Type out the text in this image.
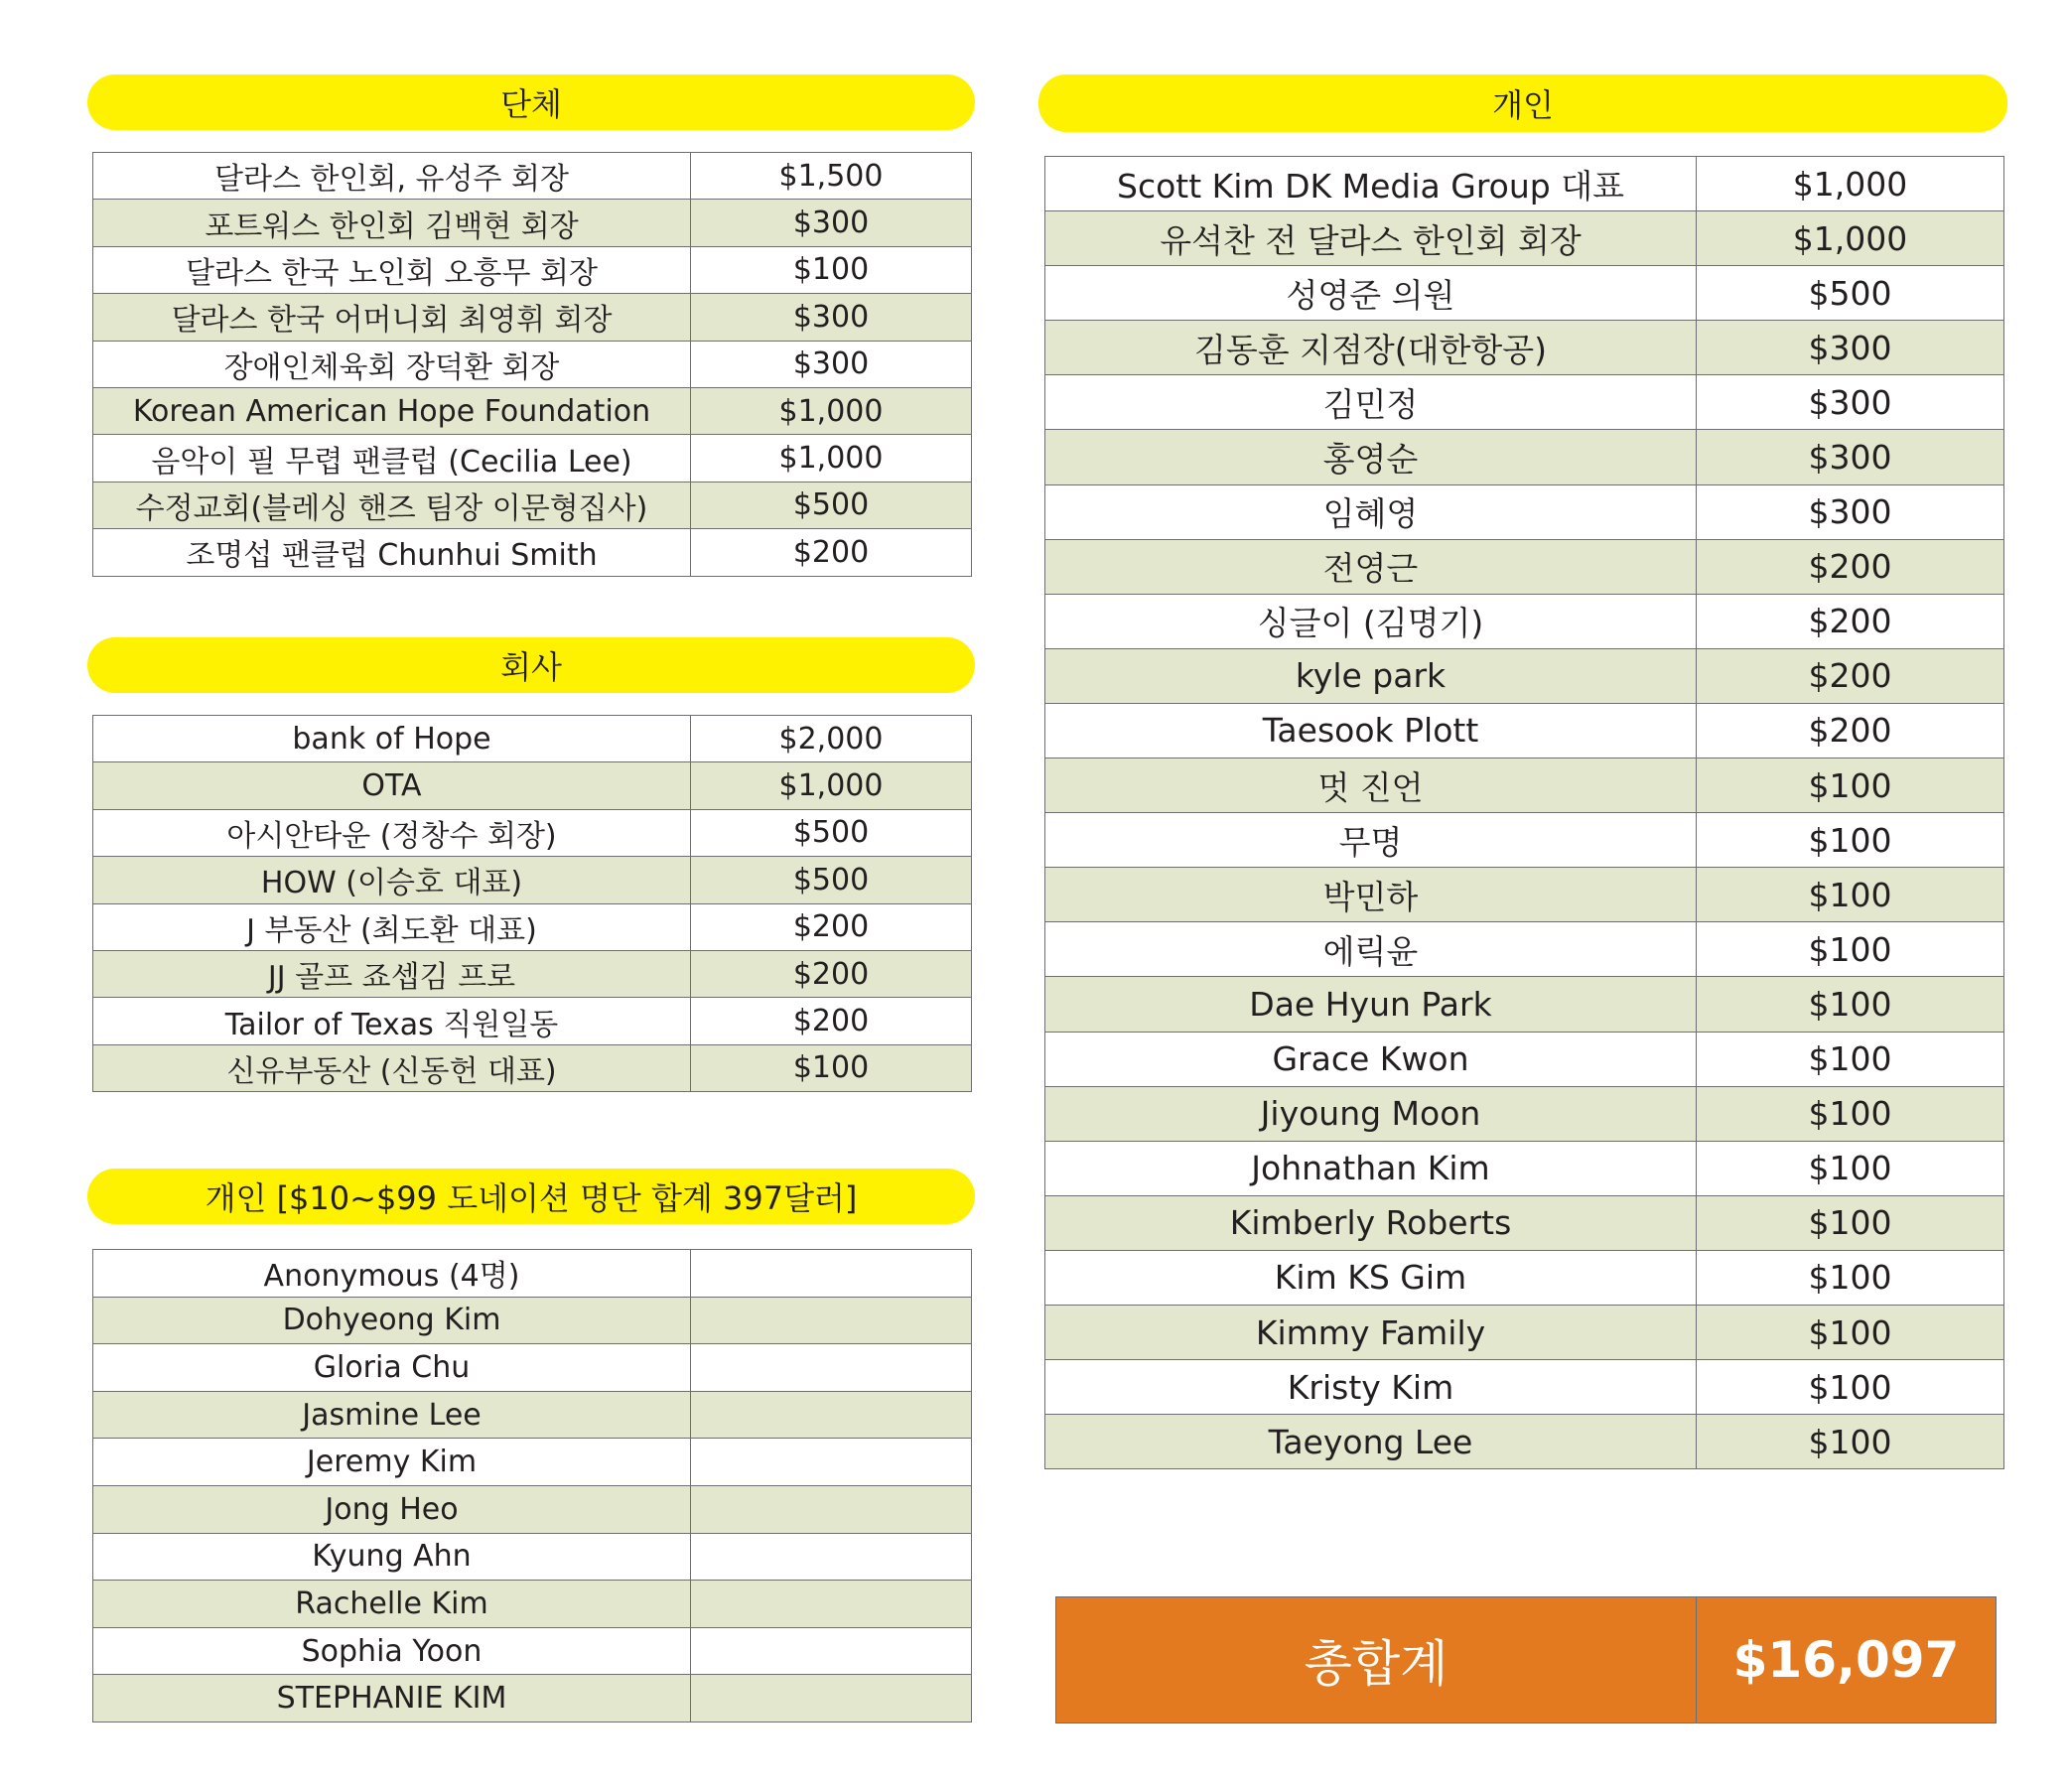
단체
달라스 한인회, 유성주 회장	$1,500
포트워스 한인회 김백현 회장	$300
달라스 한국 노인회 오흥무 회장	$100
달라스 한국 어머니회 최영휘 회장	$300
장애인체육회 장덕환 회장	$300
Korean American Hope Foundation	$1,000
음악이 필 무렵 팬클럽 (Cecilia Lee)	$1,000
수정교회(블레싱 핸즈 팀장 이문형집사)	$500
조명섭 팬클럽 Chunhui Smith	$200
회사
bank of Hope	$2,000
OTA	$1,000
아시안타운 (정창수 회장)	$500
HOW (이승호 대표)	$500
J 부동산 (최도환 대표)	$200
JJ 골프 죠셉김 프로	$200
Tailor of Texas 직원일동	$200
신유부동산 (신동헌 대표)	$100
개인 [$10~$99 도네이션 명단 합계 397달러]
Anonymous (4명)	
Dohyeong Kim	
Gloria Chu	
Jasmine Lee	
Jeremy Kim	
Jong Heo	
Kyung Ahn	
Rachelle Kim	
Sophia Yoon	
STEPHANIE KIM	
개인
Scott Kim DK Media Group 대표	$1,000
유석찬 전 달라스 한인회 회장	$1,000
성영준 의원	$500
김동훈 지점장(대한항공)	$300
김민정	$300
홍영순	$300
임혜영	$300
전영근	$200
싱글이 (김명기)	$200
kyle park	$200
Taesook Plott	$200
멋 진언	$100
무명	$100
박민하	$100
에릭윤	$100
Dae Hyun Park	$100
Grace Kwon	$100
Jiyoung Moon	$100
Johnathan Kim	$100
Kimberly Roberts	$100
Kim KS Gim	$100
Kimmy Family	$100
Kristy Kim	$100
Taeyong Lee	$100
총합계	$16,097
